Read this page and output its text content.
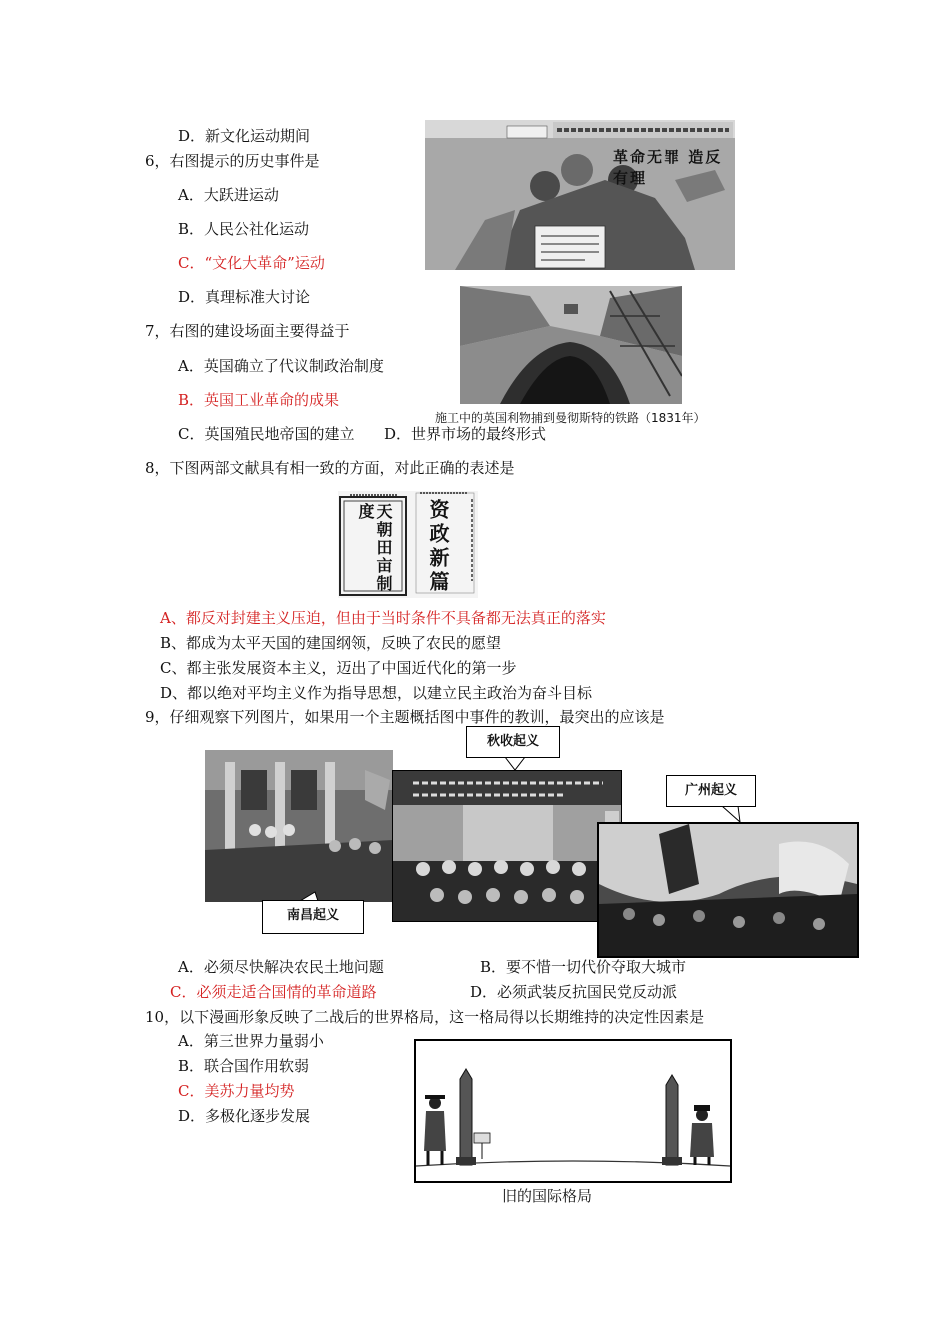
D．新文化运动期间
6，右图提示的历史事件是
A．大跃进运动
B．人民公社化运动
C．“文化大革命”运动
D．真理标准大讨论
革命无罪 造反有理
7，右图的建设场面主要得益于
A．英国确立了代议制政治制度
B．英国工业革命的成果
C．英国殖民地帝国的建立 D．世界市场的最终形式
施工中的英国利物捕到曼彻斯特的铁路（1831年）
8，下图两部文献具有相一致的方面，对此正确的表述是
天朝田亩制度	资政新篇
A、都反对封建主义压迫，但由于当时条件不具备都无法真正的落实
B、都成为太平天国的建国纲领，反映了农民的愿望
C、都主张发展资本主义，迈出了中国近代化的第一步
D、都以绝对平均主义作为指导思想，以建立民主政治为奋斗目标
9，仔细观察下列图片，如果用一个主题概括图中事件的教训，最突出的应该是
秋收起义
广州起义
南昌起义
A．必须尽快解决农民土地问题	B．要不惜一切代价夺取大城市
C．必须走适合国情的革命道路	D．必须武装反抗国民党反动派
10，以下漫画形象反映了二战后的世界格局，这一格局得以长期维持的决定性因素是
A．第三世界力量弱小
B．联合国作用软弱
C．美苏力量均势
D．多极化逐步发展
旧的国际格局
